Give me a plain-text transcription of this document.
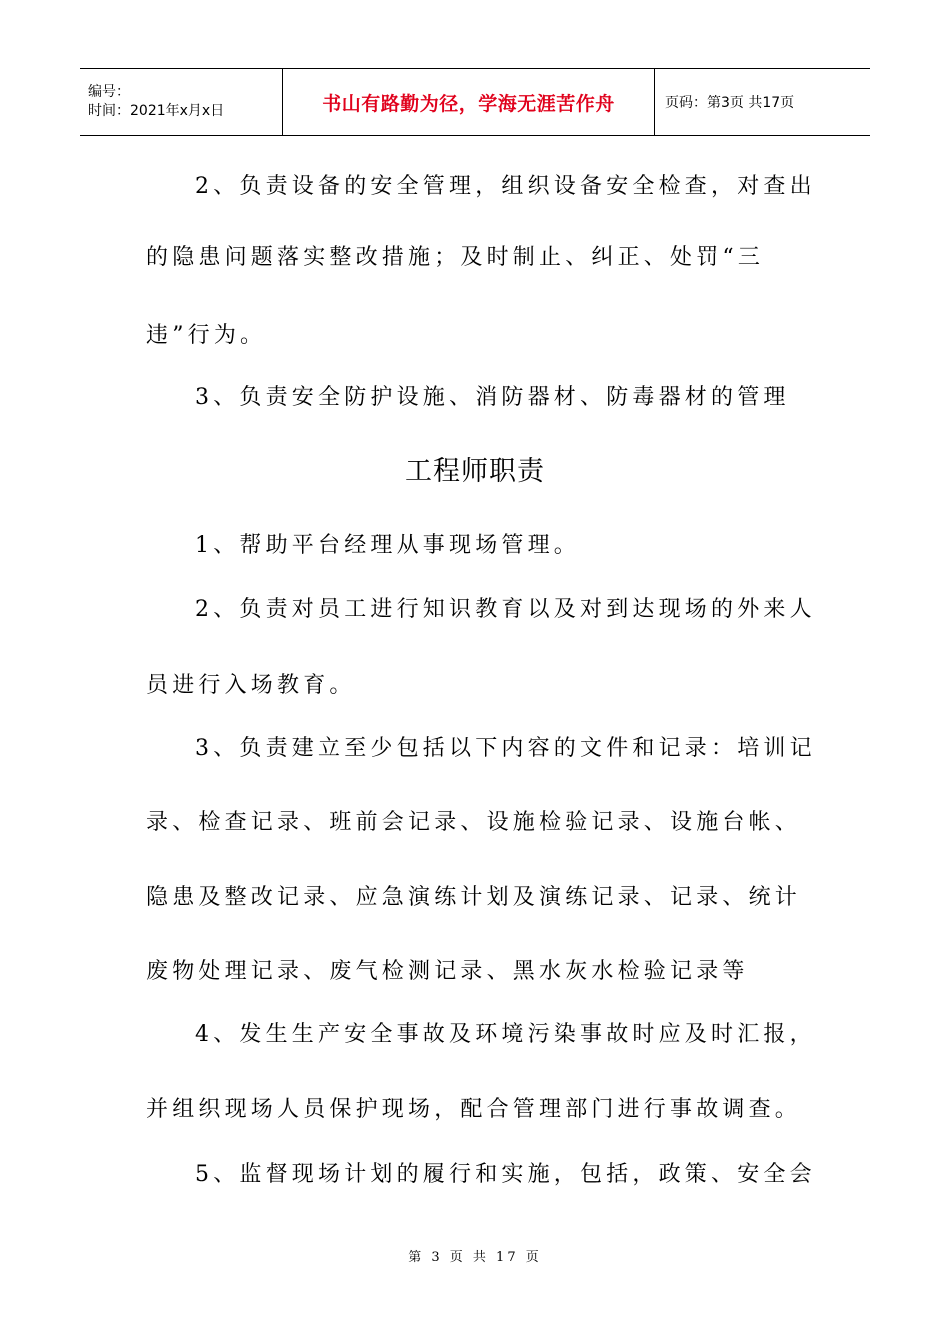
编号：
时间：2021年x月x日	书山有路勤为径，学海无涯苦作舟	页码：第3页 共17页
2、负责设备的安全管理，组织设备安全检查，对查出
的隐患问题落实整改措施；及时制止、纠正、处罚“三
违”行为。
3、负责安全防护设施、消防器材、防毒器材的管理
工程师职责
1、帮助平台经理从事现场管理。
2、负责对员工进行知识教育以及对到达现场的外来人
员进行入场教育。
3、负责建立至少包括以下内容的文件和记录：培训记
录、检查记录、班前会记录、设施检验记录、设施台帐、
隐患及整改记录、应急演练计划及演练记录、记录、统计
废物处理记录、废气检测记录、黑水灰水检验记录等
4、发生生产安全事故及环境污染事故时应及时汇报，
并组织现场人员保护现场，配合管理部门进行事故调查。
5、监督现场计划的履行和实施，包括，政策、安全会
第 3 页 共 17 页
